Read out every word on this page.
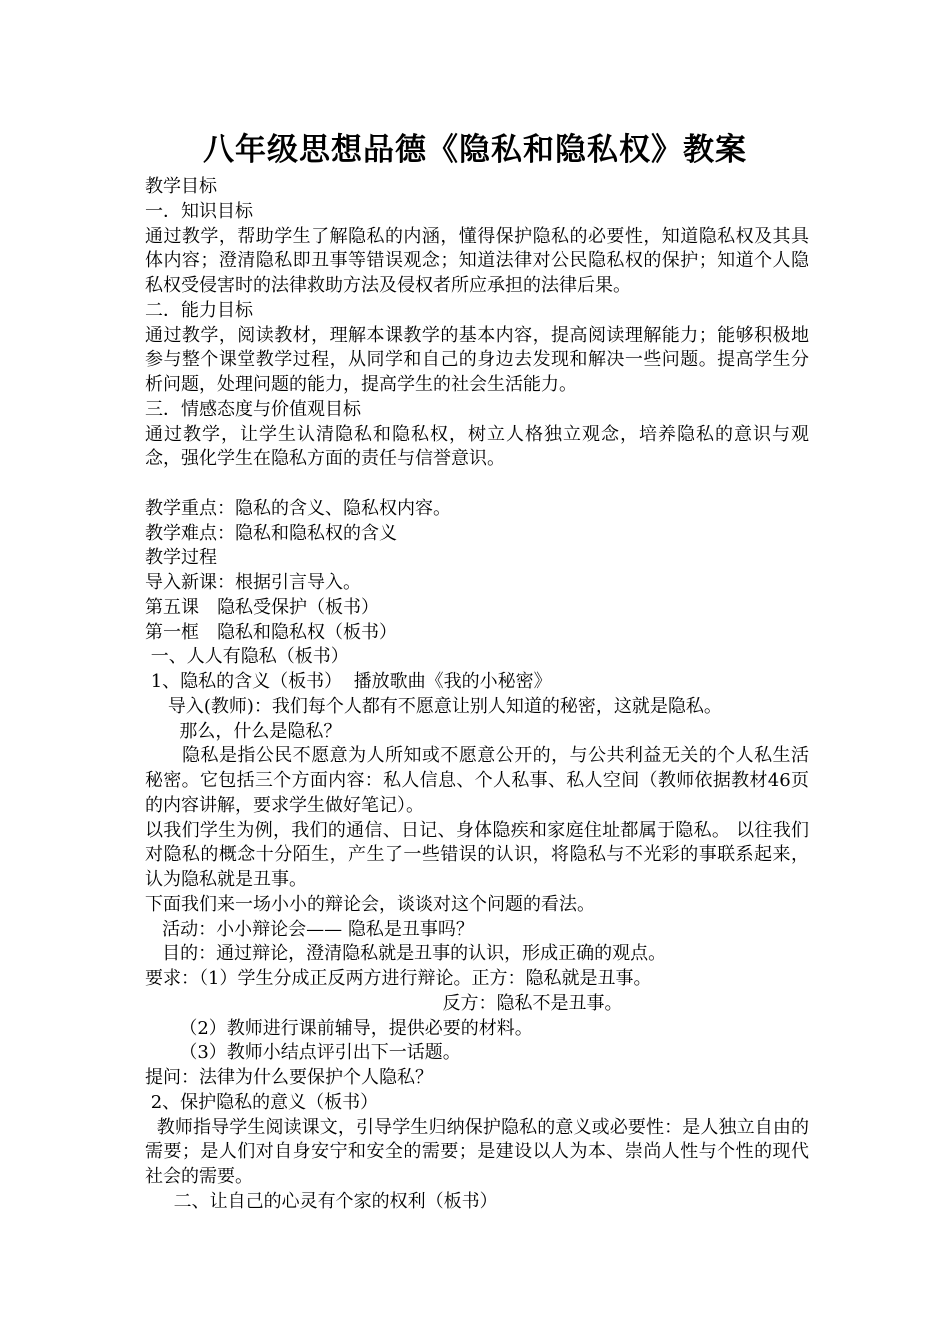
八年级思想品德《隐私和隐私权》教案

教学目标

一．知识目标

通过教学，帮助学生了解隐私的内涵，懂得保护隐私的必要性，知道隐私权及其具体内容；澄清隐私即丑事等错误观念；知道法律对公民隐私权的保护；知道个人隐私权受侵害时的法律救助方法及侵权者所应承担的法律后果。

二．能力目标

通过教学，阅读教材，理解本课教学的基本内容，提高阅读理解能力；能够积极地参与整个课堂教学过程，从同学和自己的身边去发现和解决一些问题。提高学生分析问题，处理问题的能力，提高学生的社会生活能力。

三．情感态度与价值观目标

通过教学，让学生认清隐私和隐私权，树立人格独立观念，培养隐私的意识与观念，强化学生在隐私方面的责任与信誉意识。

教学重点：隐私的含义、隐私权内容。

教学难点：隐私和隐私权的含义

教学过程

导入新课：根据引言导入。

第五课　隐私受保护（板书）

第一框　隐私和隐私权（板书）

一、人人有隐私（板书）

1、隐私的含义（板书）  播放歌曲《我的小秘密》

导入(教师)：我们每个人都有不愿意让别人知道的秘密，这就是隐私。

那么，什么是隐私？

隐私是指公民不愿意为人所知或不愿意公开的，与公共利益无关的个人私生活秘密。它包括三个方面内容：私人信息、个人私事、私人空间（教师依据教材46页的内容讲解，要求学生做好笔记）。

以我们学生为例，我们的通信、日记、身体隐疾和家庭住址都属于隐私。 以往我们对隐私的概念十分陌生，产生了一些错误的认识，将隐私与不光彩的事联系起来，认为隐私就是丑事。

下面我们来一场小小的辩论会，谈谈对这个问题的看法。

活动：小小辩论会—— 隐私是丑事吗？

目的：通过辩论，澄清隐私就是丑事的认识，形成正确的观点。

要求：（1）学生分成正反两方进行辩论。正方：隐私就是丑事。

反方：隐私不是丑事。

（2）教师进行课前辅导，提供必要的材料。

（3）教师小结点评引出下一话题。

提问：法律为什么要保护个人隐私？

2、保护隐私的意义（板书）

教师指导学生阅读课文，引导学生归纳保护隐私的意义或必要性：是人独立自由的需要；是人们对自身安宁和安全的需要；是建设以人为本、崇尚人性与个性的现代社会的需要。

二、让自己的心灵有个家的权利（板书）
